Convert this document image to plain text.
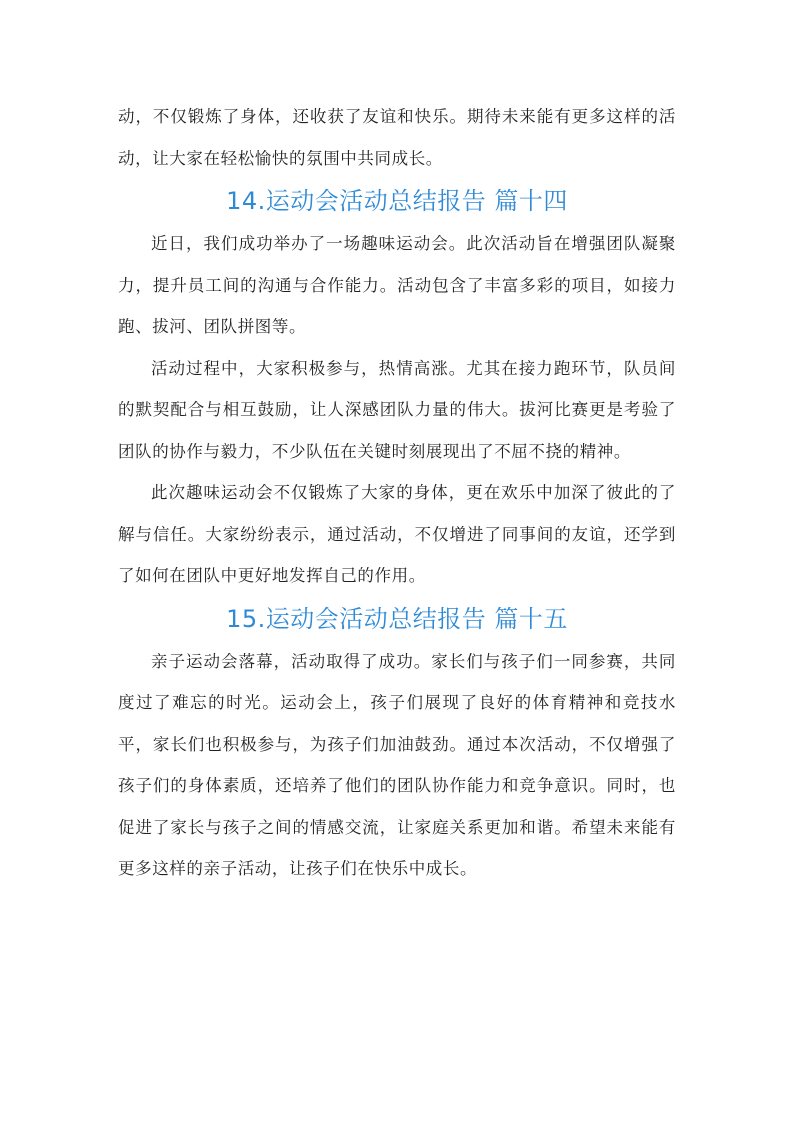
动，不仅锻炼了身体，还收获了友谊和快乐。期待未来能有更多这样的活动，让大家在轻松愉快的氛围中共同成长。

14.运动会活动总结报告 篇十四

近日，我们成功举办了一场趣味运动会。此次活动旨在增强团队凝聚力，提升员工间的沟通与合作能力。活动包含了丰富多彩的项目，如接力跑、拔河、团队拼图等。

活动过程中，大家积极参与，热情高涨。尤其在接力跑环节，队员间的默契配合与相互鼓励，让人深感团队力量的伟大。拔河比赛更是考验了团队的协作与毅力，不少队伍在关键时刻展现出了不屈不挠的精神。

此次趣味运动会不仅锻炼了大家的身体，更在欢乐中加深了彼此的了解与信任。大家纷纷表示，通过活动，不仅增进了同事间的友谊，还学到了如何在团队中更好地发挥自己的作用。

15.运动会活动总结报告 篇十五

亲子运动会落幕，活动取得了成功。家长们与孩子们一同参赛，共同度过了难忘的时光。运动会上，孩子们展现了良好的体育精神和竞技水平，家长们也积极参与，为孩子们加油鼓劲。通过本次活动，不仅增强了孩子们的身体素质，还培养了他们的团队协作能力和竞争意识。同时，也促进了家长与孩子之间的情感交流，让家庭关系更加和谐。希望未来能有更多这样的亲子活动，让孩子们在快乐中成长。
